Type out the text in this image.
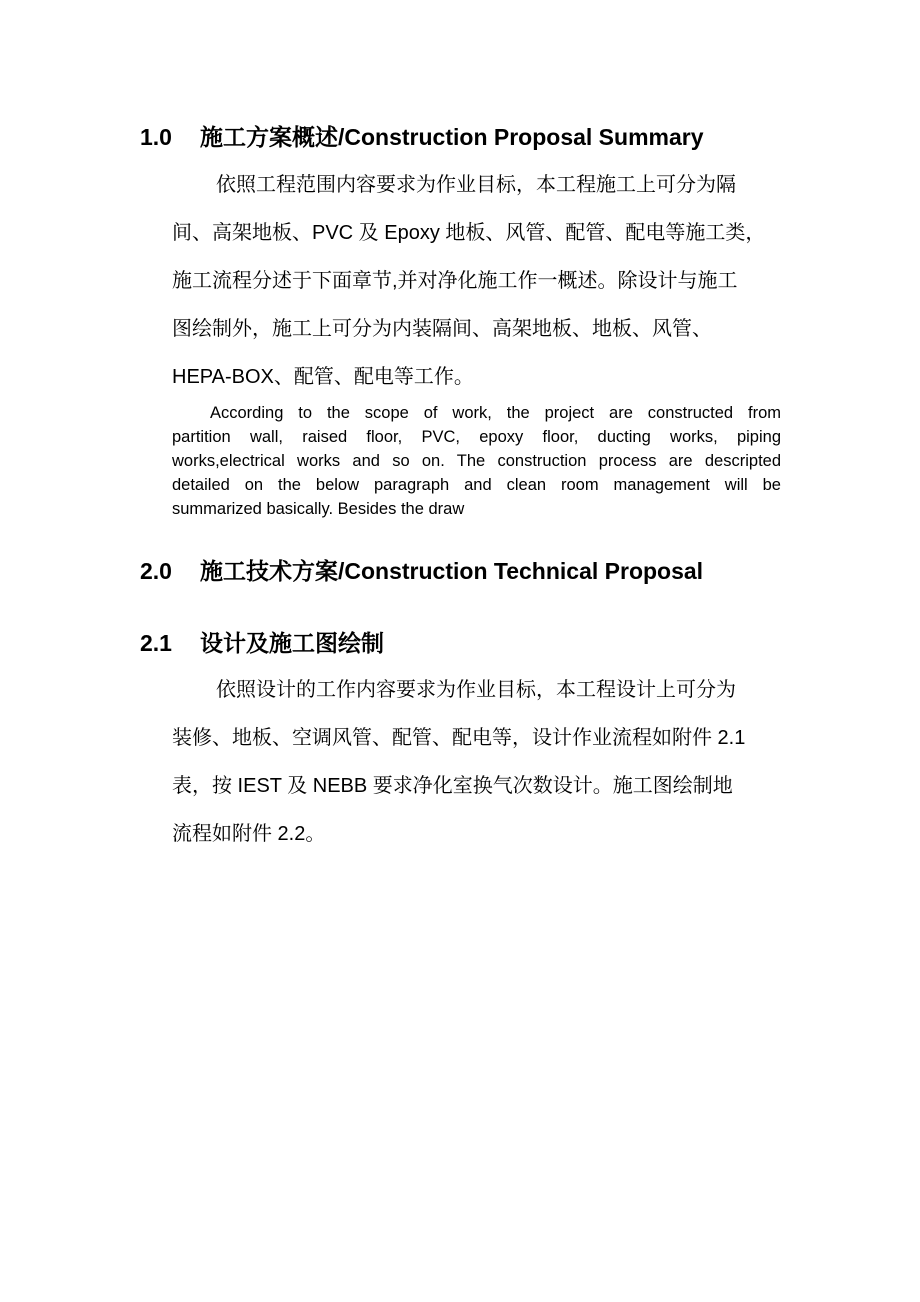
1.0 施工方案概述/Construction Proposal Summary
依照工程范围内容要求为作业目标，本工程施工上可分为隔
间、高架地板、PVC 及 Epoxy 地板、风管、配管、配电等施工类，
施工流程分述于下面章节,并对净化施工作一概述。除设计与施工
图绘制外，施工上可分为内装隔间、高架地板、地板、风管、
HEPA-BOX、配管、配电等工作。
According to the scope of work, the project are constructed from
partition wall, raised floor, PVC, epoxy floor, ducting works, piping
works,electrical works and so on. The construction process are descripted
detailed on the below paragraph and clean room management will be
summarized basically. Besides the draw
2.0 施工技术方案/Construction Technical Proposal
2.1 设计及施工图绘制
依照设计的工作内容要求为作业目标，本工程设计上可分为
装修、地板、空调风管、配管、配电等，设计作业流程如附件 2.1
表，按 IEST 及 NEBB 要求净化室换气次数设计。施工图绘制地
流程如附件 2.2。
